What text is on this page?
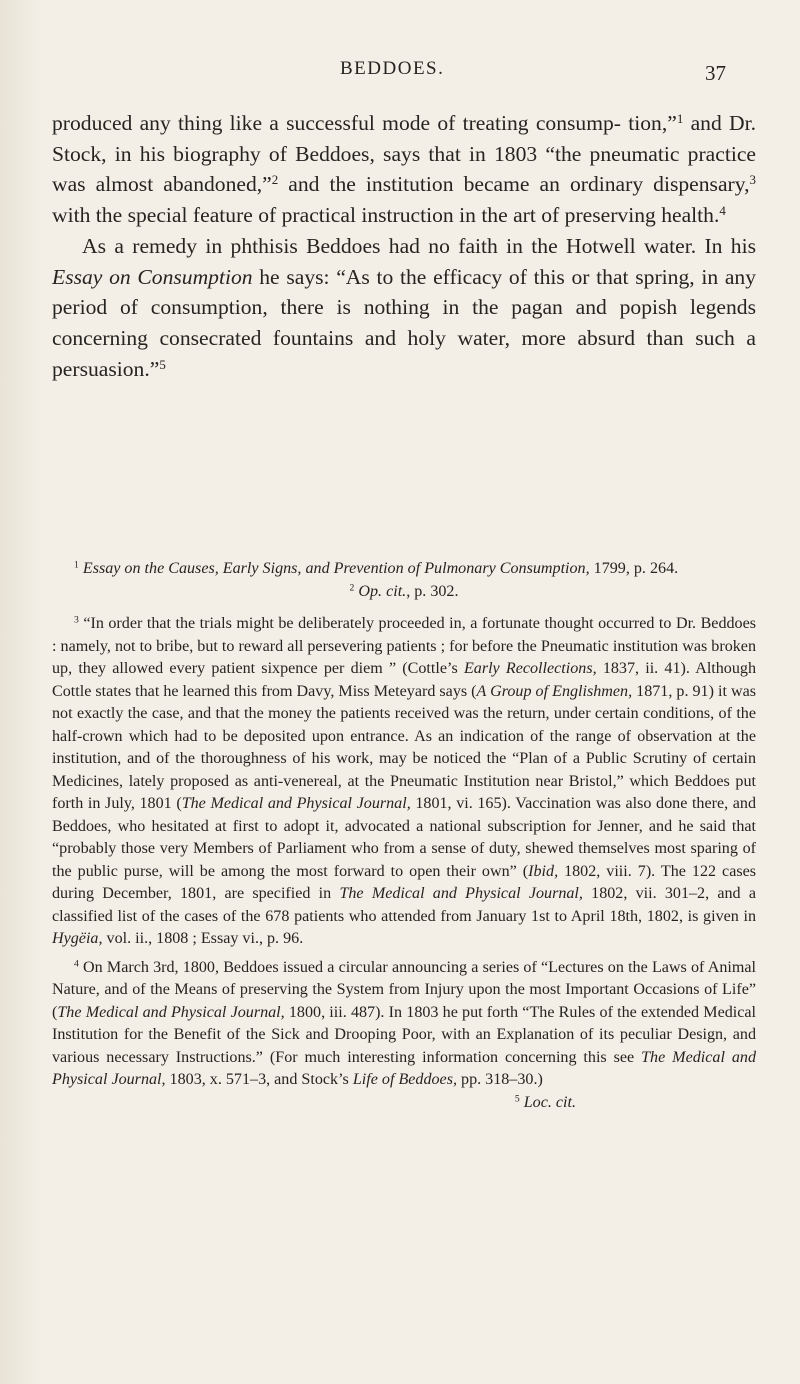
BEDDOES.	37

produced any thing like a successful mode of treating consump- tion,”$^1$ and Dr. Stock, in his biography of Beddoes, says that in 1803 “the pneumatic practice was almost abandoned,”$^2$ and the institution became an ordinary dispensary,$^3$ with the special feature of practical instruction in the art of preserving health.$^4$

As a remedy in phthisis Beddoes had no faith in the Hotwell water. In his Essay on Consumption he says: “As to the efficacy of this or that spring, in any period of consumption, there is nothing in the pagan and popish legends concerning consecrated fountains and holy water, more absurd than such a persuasion.”$^5$

$^1$ Essay on the Causes, Early Signs, and Prevention of Pulmonary Consumption, 1799, p. 264.

$^2$ Op. cit., p. 302.

$^3$ “In order that the trials might be deliberately proceeded in, a fortunate thought occurred to Dr. Beddoes : namely, not to bribe, but to reward all persevering patients ; for before the Pneumatic institution was broken up, they allowed every patient sixpence per diem ” (Cottle’s Early Recollections, 1837, ii. 41). Although Cottle states that he learned this from Davy, Miss Meteyard says (A Group of Englishmen, 1871, p. 91) it was not exactly the case, and that the money the patients received was the return, under certain conditions, of the half-crown which had to be deposited upon entrance. As an indication of the range of observation at the institution, and of the thoroughness of his work, may be noticed the “Plan of a Public Scrutiny of certain Medicines, lately proposed as anti-venereal, at the Pneumatic Institution near Bristol,” which Beddoes put forth in July, 1801 (The Medical and Physical Journal, 1801, vi. 165). Vaccination was also done there, and Beddoes, who hesitated at first to adopt it, advocated a national subscription for Jenner, and he said that “probably those very Members of Parliament who from a sense of duty, shewed themselves most sparing of the public purse, will be among the most forward to open their own” (Ibid, 1802, viii. 7). The 122 cases during December, 1801, are specified in The Medical and Physical Journal, 1802, vii. 301–2, and a classified list of the cases of the 678 patients who attended from January 1st to April 18th, 1802, is given in Hygëia, vol. ii., 1808 ; Essay vi., p. 96.

$^4$ On March 3rd, 1800, Beddoes issued a circular announcing a series of “Lectures on the Laws of Animal Nature, and of the Means of preserving the System from Injury upon the most Important Occasions of Life” (The Medical and Physical Journal, 1800, iii. 487). In 1803 he put forth “The Rules of the extended Medical Institution for the Benefit of the Sick and Drooping Poor, with an Explanation of its peculiar Design, and various necessary Instructions.” (For much interesting information concerning this see The Medical and Physical Journal, 1803, x. 571–3, and Stock’s Life of Beddoes, pp. 318–30.)

$^5$ Loc. cit.
